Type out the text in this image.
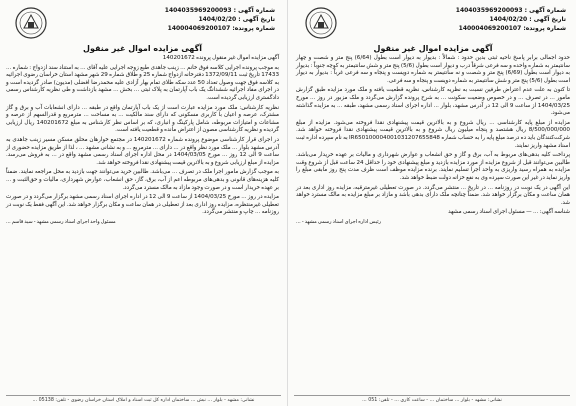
شماره آگهی : 1404035969200093
تاریخ آگهی : 1404/02/20
شماره پرونده: 140004069200107
آگهی مزایده اموال غیر منقول

آگهی مزایده اموال غیر منقول پرونده 140201672

به موجب پرونده اجرایی کلاسه فوق خانم ... زینب جاهدی طبع زوجه اجرایی علیه آقای ... به استناد سند ازدواج : شماره ... 17433 تاریخ ثبت 1372/09/11 دفترخانه ازدواج شماره 25 و طلاق شماره 29 شهر مشهد استان خراسان رضوی اجرائیه به کلاسه فوق جهت وصول تعداد 50 عدد سکه طلای تمام بهار آزادی علیه محمدرضا افضلی (مدیون) صادر گردیده است و در اجرای مفاد اجرائیه ششدانگ یک باب آپارتمان به پلاک ثبتی ... بخش ... مشهد بازداشت و طی نظریه کارشناس رسمی دادگستری ارزیابی گردیده است.

نظریه کارشناس: ملک مورد مزایده عبارت است از یک باب آپارتمان واقع در طبقه ... دارای انشعابات آب و برق و گاز مشترک، عرصه و اعیان با کاربری مسکونی که دارای سند مالکیت ... به مساحت ... مترمربع و قدرالسهم از عرصه و مشاعات و امتیازات مربوطه، شامل پارکینگ و انباری، که بر اساس نظر کارشناس به مبلغ 140201672 ریال ارزیابی گردیده و نظریه کارشناسی مصون از اعتراض مانده و قطعیت یافته است.

در اجرای قرار کارشناسی موضوع پرونده شماره 140201672 در مجتمع خوارهان محلق مسکن مسیر زینب جاهدی به آدرس مشهد بلوار ... ملک مورد نظر واقع در ... دارای ... مترمربع ... و به نشانی مشهد ... ، لذا از طریق مزایده حضوری از ساعت 9 الی 12 روز ... مورخ 1404/03/05 در محل اداره اجرای اسناد رسمی مشهد واقع در ... به فروش می‌رسد. مزایده از مبلغ ارزیابی شروع و به بالاترین قیمت پیشنهادی نقدا فروخته خواهد شد.

به موجب گزارش مامور اجرا ملک در تصرف ... می‌باشد. طالبین خرید می‌توانند جهت بازدید به محل مراجعه نمایند. ضمناً کلیه هزینه‌های قانونی و بدهی‌های مربوطه اعم از آب، برق، گاز، حق انشعاب، عوارض شهرداری، مالیات و حق‌الثبت و ... بر عهده خریدار است و در صورت وجود مازاد به مالک مسترد می‌گردد.

مزایده در روز ... مورخ 1404/03/25 از ساعت 9 الی 12 در اداره اجرای اسناد رسمی مشهد برگزار می‌گردد و در صورت تعطیلی غیرمنتظره، مزایده روز اداری بعد از تعطیلی در همان ساعت و مکان برگزار خواهد شد. این آگهی فقط یک نوبت در روزنامه ... چاپ و منتشر می‌گردد.

مسئول واحد اجرای اسناد رسمی مشهد - سید قاسم ...
نشانی: مشهد - بلوار ... نبش ... ساختمان اداره کل ثبت اسناد و املاک استان خراسان رضوی - تلفن: 05138 ...
شماره آگهی : 1404035969200093
تاریخ آگهی : 1404/02/20
شماره پرونده: 140004069200107
آگهی مزایده اموال غیر منقول

حدود اجمالی برابر پاسخ ناحیه ثبتی بدین حدود : شمالاً : بدیوار به دیوار است بطول (6/64) پنج متر و شصت و چهار سانتیمتر به شماره واحده و سه فرعی شرقاً درب و دیوار است بطول (5/6) پنج متر و شش سانتیمتر به کوچه جنوباً : بدیوار به دیوار است بطول (6/69) پنج متر و شصت و نه سانتیمتر به شماره دویست و پنجاه و سه فرعی غرباً : بدیوار به دیوار است بطول (5/6) پنج متر و شش سانتیمتر به شماره دویست و پنجاه و سه فرعی.

تا کنون به علت عدم اعتراض طرفین نسبت به نظریه کارشناس، نظریه قطعیت یافته و ملک مورد مزایده طبق گزارش مامور ... در تصرف ... و در خصوص وضعیت سکونت ... به شرح پرونده گزارش می‌گردد و ملک مزبور در روز ... مورخ 1404/03/25 از ساعت 9 الی 12 در آدرس مشهد، بلوار ... اداره اجرای اسناد رسمی مشهد، طبقه ... به مزایده گذاشته می‌شود.

مزایده از مبلغ پایه کارشناسی ... ریال شروع و به بالاترین قیمت پیشنهادی نقدا فروخته می‌شود. مزایده از مبلغ 8/500/000/000 ریال هشتصد و پنجاه میلیون ریال شروع و به بالاترین قیمت پیشنهادی نقدا فروخته خواهد شد. شرکت‌کنندگان باید ده درصد مبلغ پایه را به حساب شماره IR650100004001031207655848 به نام سپرده اداره ثبت اسناد مشهد واریز نمایند.

پرداخت کلیه بدهی‌های مربوط به آب، برق و گاز و حق انشعاب و عوارض شهرداری و مالیات بر عهده خریدار می‌باشد. طالبین می‌توانند قبل از شروع مزایده از مورد مزایده بازدید و مبلغ پیشنهادی خود را حداقل 24 ساعت قبل از شروع وقت مزایده به همراه رسید واریزی به واحد اجرا تسلیم نمایند. برنده مزایده موظف است ظرف مدت پنج روز مابقی مبلغ را واریز نماید در غیر این صورت سپرده وی به نفع خزانه دولت ضبط خواهد شد.

این آگهی در یک نوبت در روزنامه ... در تاریخ ... منتشر می‌گردد. در صورت تعطیلی غیرمترقبه، مزایده روز اداری بعد در همان ساعت و مکان برگزار خواهد شد. ضمناً چنانچه ملک دارای بدهی باشد و مازاد بر مبلغ مزایده به مالک مسترد خواهد شد.

شناسه آگهی: ... — مسئول اجرای اسناد رسمی مشهد

رئیس اداره اجرای اسناد رسمی مشهد - ...
نشانی: مشهد - بلوار ... ساختمان ... - ساعت کاری ... - تلفن: 051 ...
